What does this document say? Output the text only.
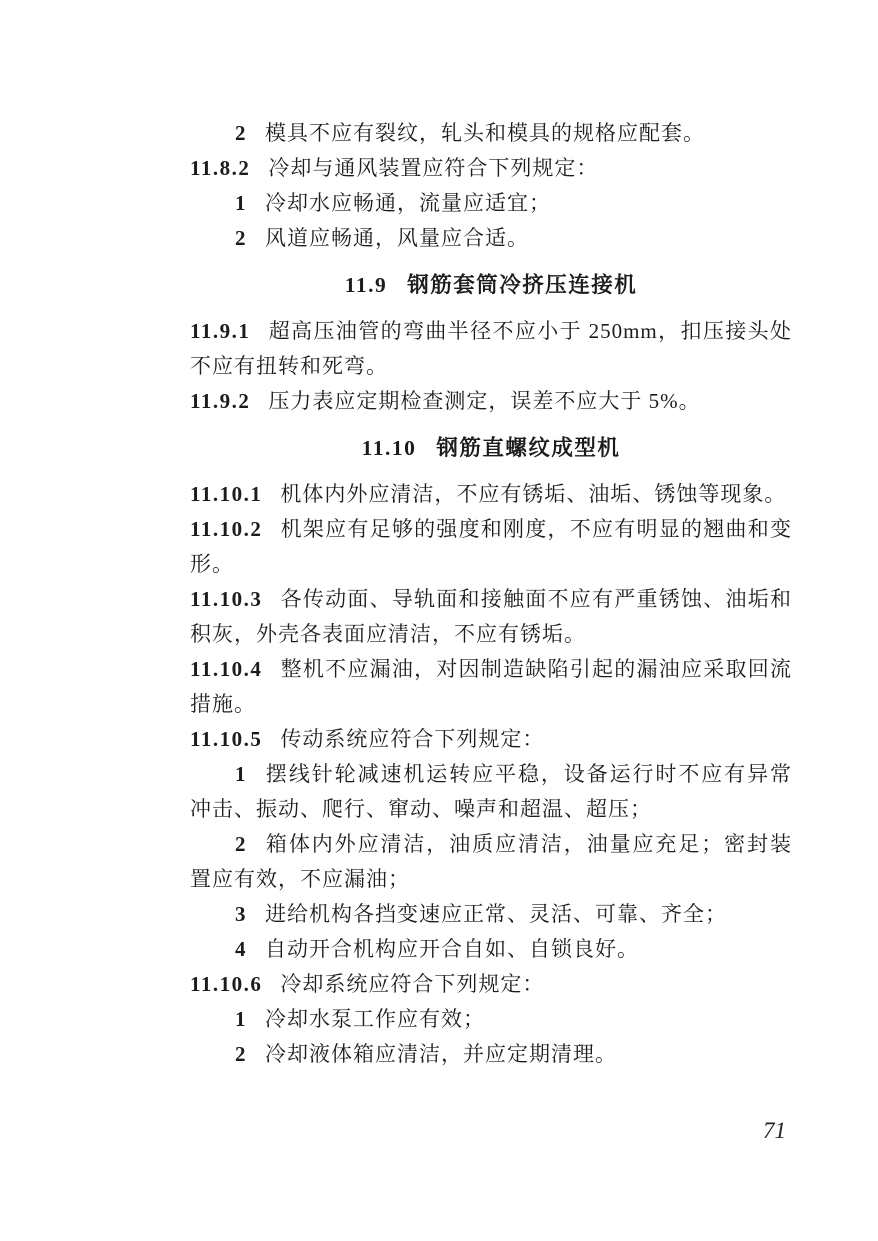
2 模具不应有裂纹，轧头和模具的规格应配套。

11.8.2 冷却与通风装置应符合下列规定：

1 冷却水应畅通，流量应适宜；

2 风道应畅通，风量应合适。

11.9 钢筋套筒冷挤压连接机

11.9.1 超高压油管的弯曲半径不应小于 250mm，扣压接头处不应有扭转和死弯。

11.9.2 压力表应定期检查测定，误差不应大于 5%。

11.10 钢筋直螺纹成型机

11.10.1 机体内外应清洁，不应有锈垢、油垢、锈蚀等现象。

11.10.2 机架应有足够的强度和刚度，不应有明显的翘曲和变形。

11.10.3 各传动面、导轨面和接触面不应有严重锈蚀、油垢和积灰，外壳各表面应清洁，不应有锈垢。

11.10.4 整机不应漏油，对因制造缺陷引起的漏油应采取回流措施。

11.10.5 传动系统应符合下列规定：

1 摆线针轮减速机运转应平稳，设备运行时不应有异常冲击、振动、爬行、窜动、噪声和超温、超压；

2 箱体内外应清洁，油质应清洁，油量应充足；密封装置应有效，不应漏油；

3 进给机构各挡变速应正常、灵活、可靠、齐全；

4 自动开合机构应开合自如、自锁良好。

11.10.6 冷却系统应符合下列规定：

1 冷却水泵工作应有效；

2 冷却液体箱应清洁，并应定期清理。

71
